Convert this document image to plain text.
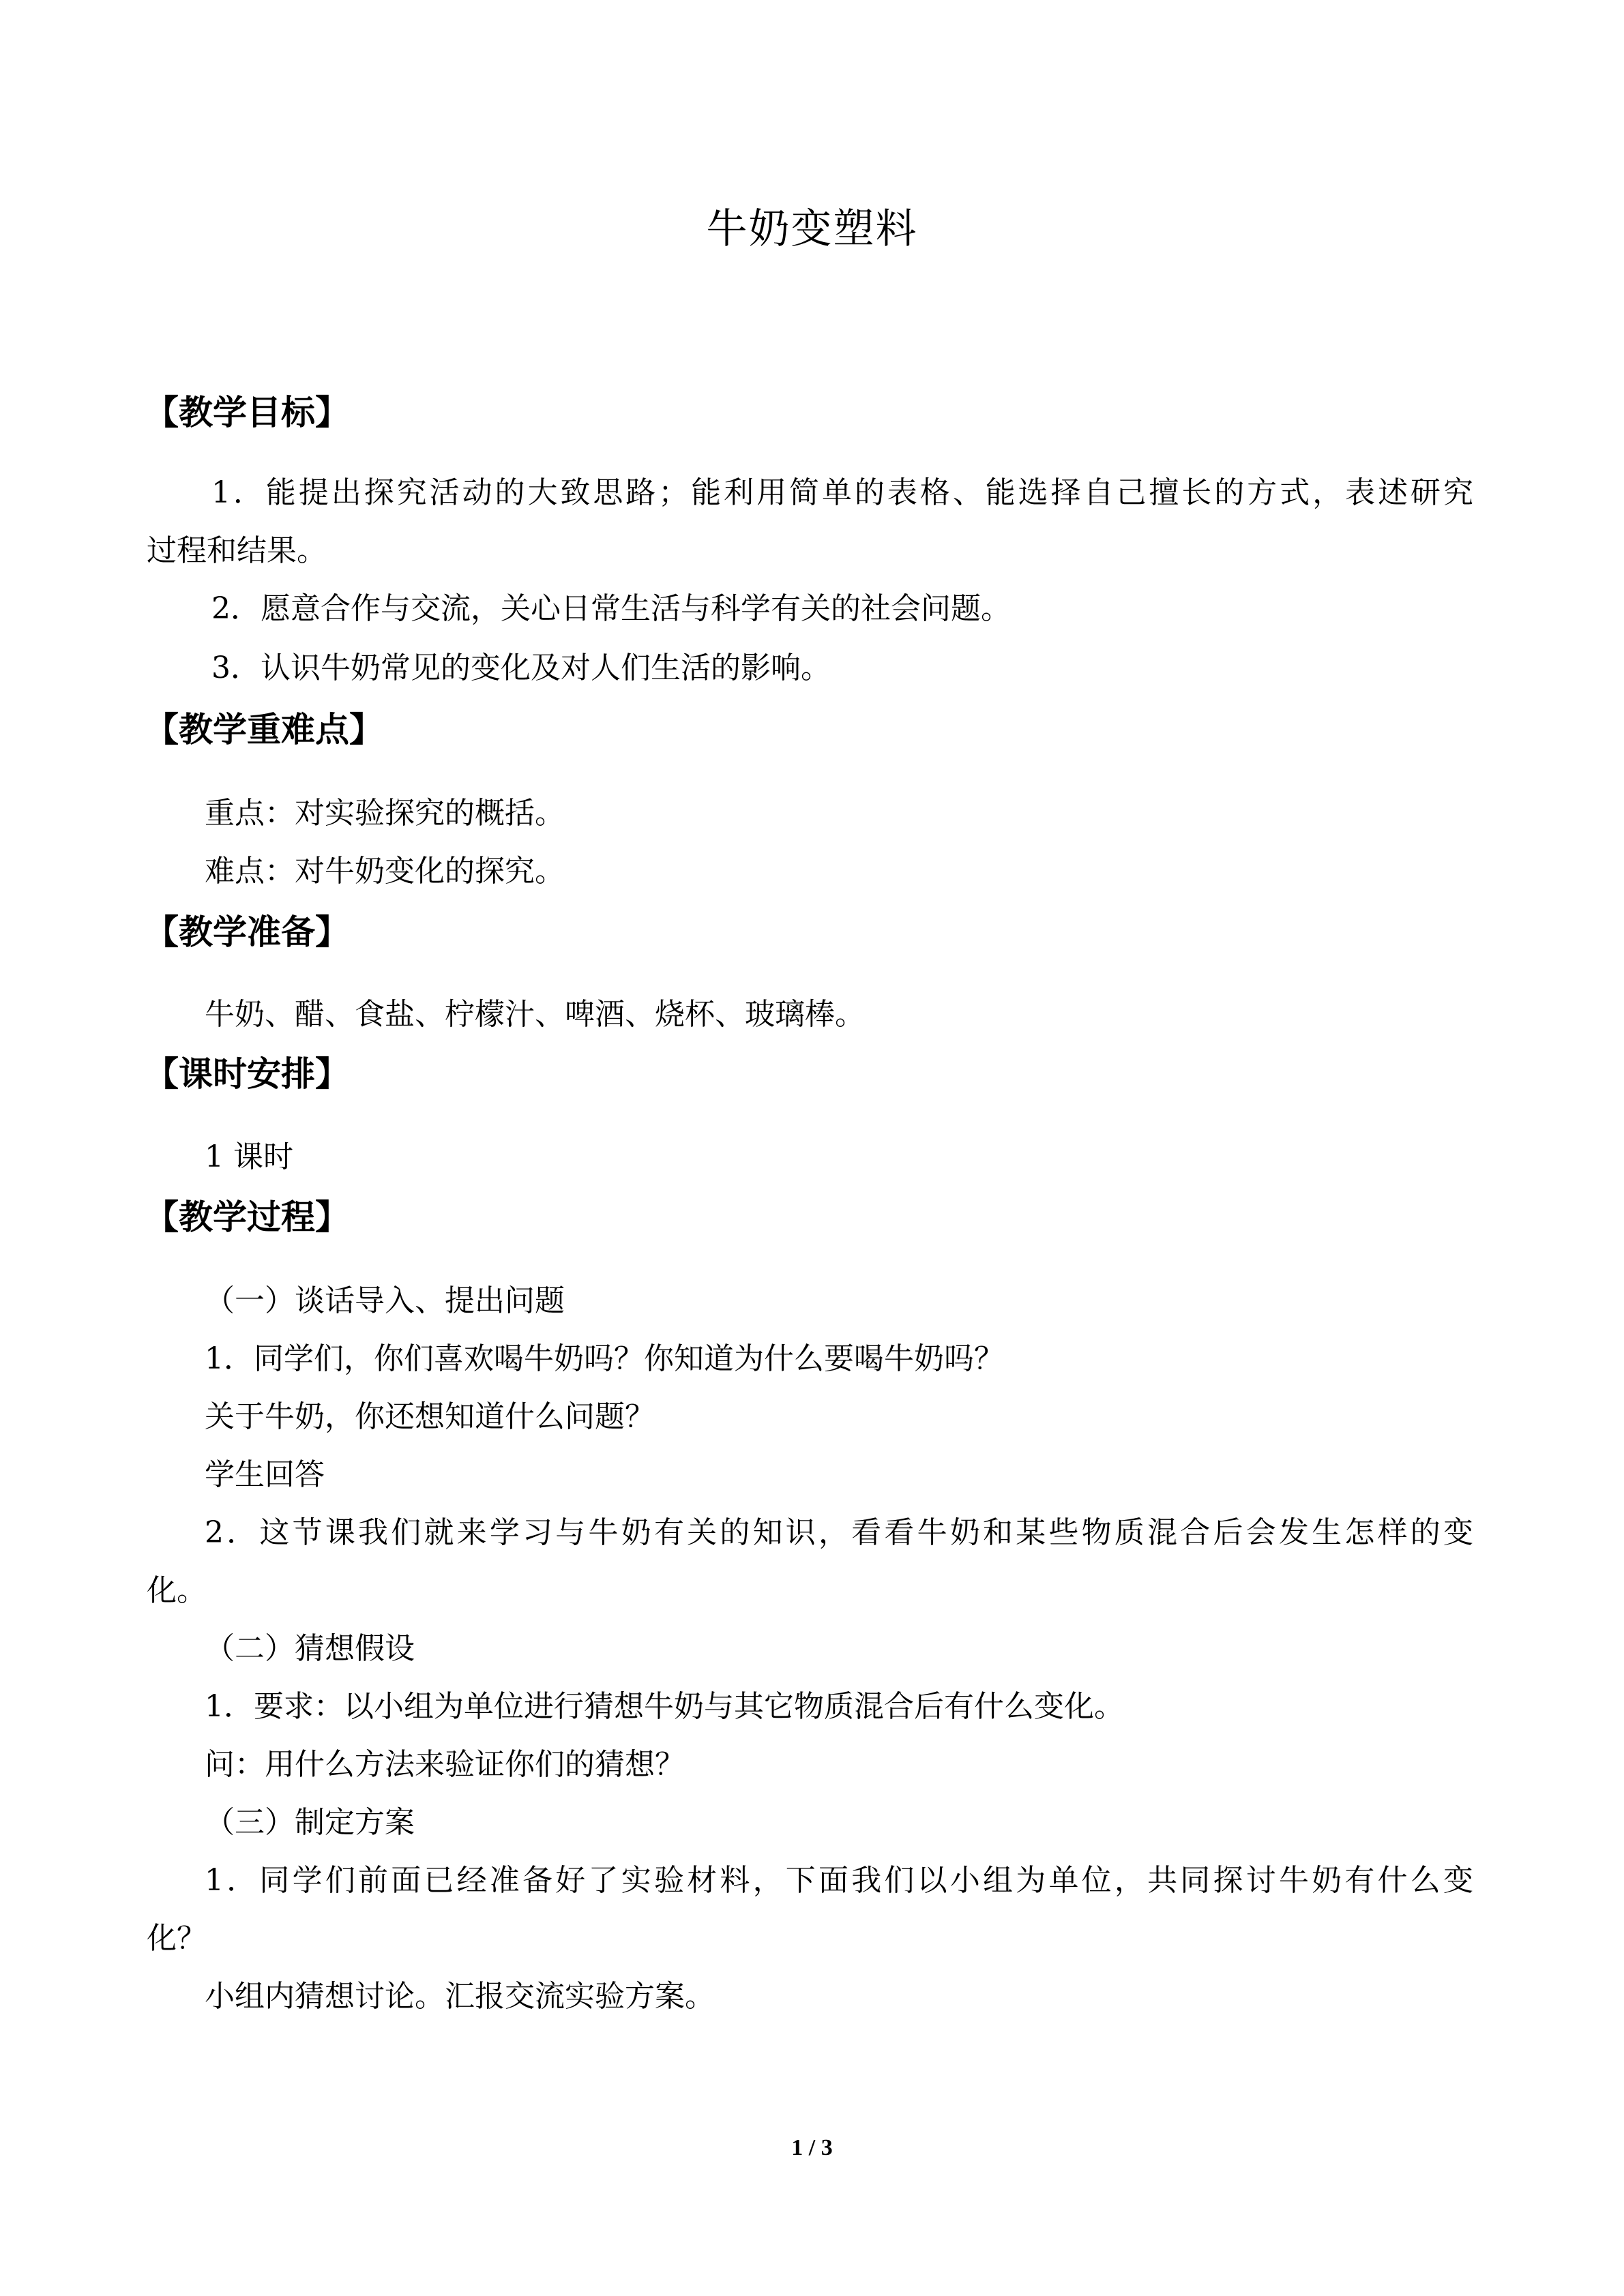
牛奶变塑料
【教学目标】
1．能提出探究活动的大致思路；能利用简单的表格、能选择自己擅长的方式，表述研究
过程和结果。
2．愿意合作与交流，关心日常生活与科学有关的社会问题。
3．认识牛奶常见的变化及对人们生活的影响。
【教学重难点】
重点：对实验探究的概括。
难点：对牛奶变化的探究。
【教学准备】
牛奶、醋、食盐、柠檬汁、啤酒、烧杯、玻璃棒。
【课时安排】
1 课时
【教学过程】
（一）谈话导入、提出问题
1．同学们，你们喜欢喝牛奶吗？你知道为什么要喝牛奶吗？
关于牛奶，你还想知道什么问题？
学生回答
2．这节课我们就来学习与牛奶有关的知识，看看牛奶和某些物质混合后会发生怎样的变
化。
（二）猜想假设
1．要求：以小组为单位进行猜想牛奶与其它物质混合后有什么变化。
问：用什么方法来验证你们的猜想？
（三）制定方案
1．同学们前面已经准备好了实验材料，下面我们以小组为单位，共同探讨牛奶有什么变
化？
小组内猜想讨论。汇报交流实验方案。
1 / 3
